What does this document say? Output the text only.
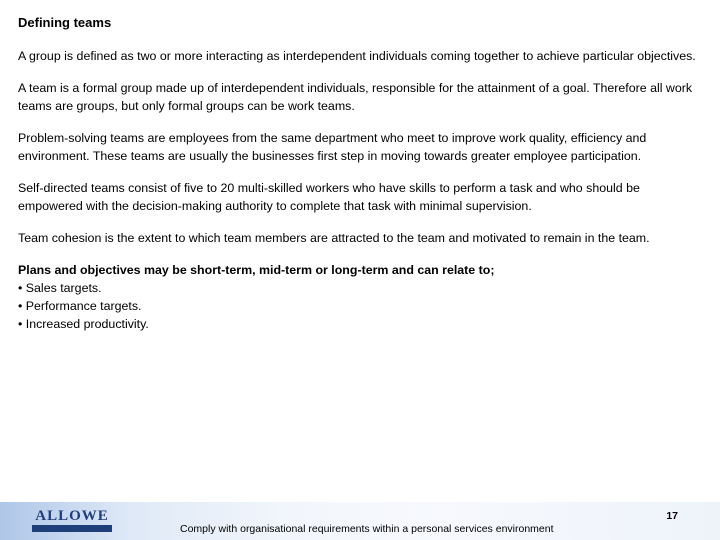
Defining teams

A group is defined as two or more interacting as interdependent individuals coming together to achieve particular objectives.

A team is a formal group made up of interdependent individuals, responsible for the attainment of a goal. Therefore all work teams are groups, but only formal groups can be work teams.

Problem-solving teams are employees from the same department who meet to improve work quality, efficiency and environment. These teams are usually the businesses first step in moving towards greater employee participation.

Self-directed teams consist of five to 20 multi-skilled workers who have skills to perform a task and who should be empowered with the decision-making authority to complete that task with minimal supervision.

Team cohesion is the extent to which team members are attracted to the team and motivated to remain in the team.

Plans and objectives may be short-term, mid-term or long-term and can relate to;

• Sales targets.

• Performance targets.

• Increased productivity.

ALLOWE
Comply with organisational requirements within a personal services environment
17
